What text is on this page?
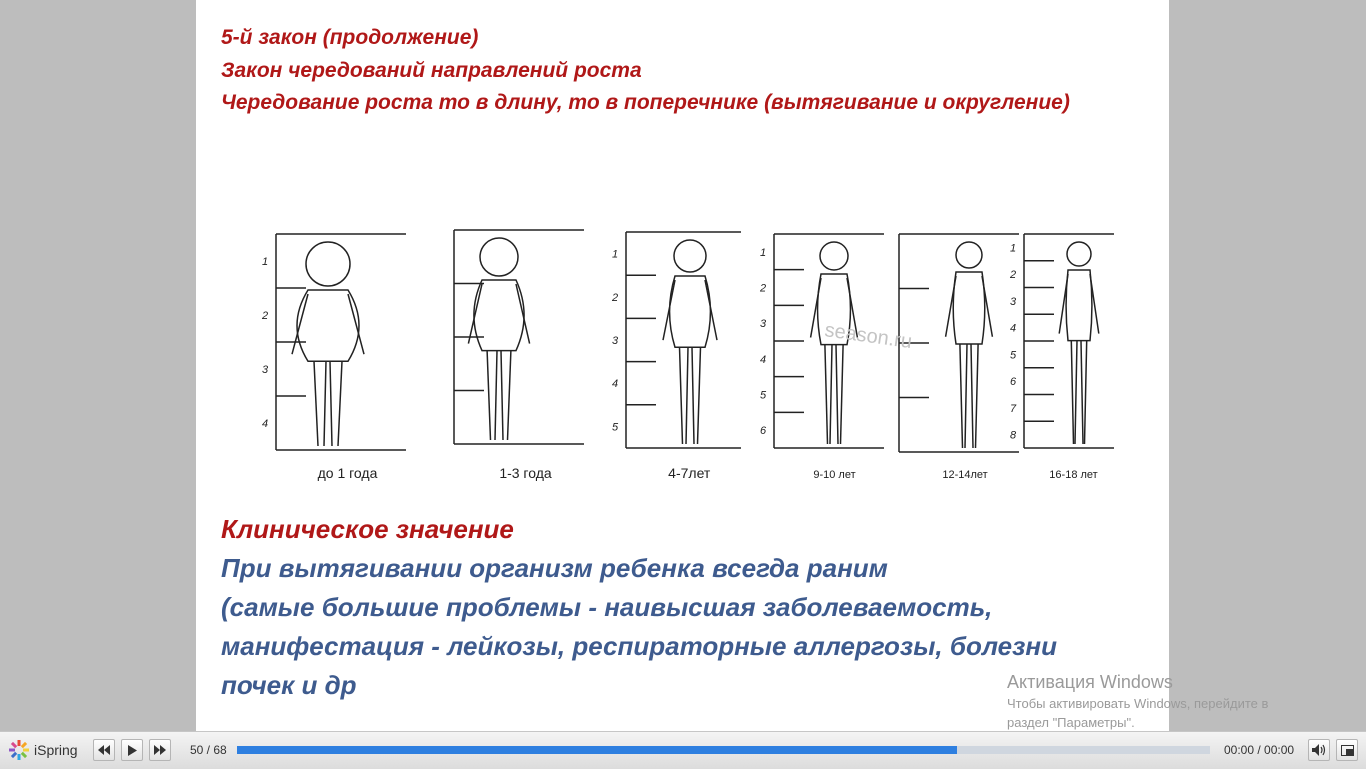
5-й закон (продолжение)
Закон чередований направлений роста
Чередование роста то в длину, то в поперечнике (вытягивание и округление)
1
2
3
4
до 1 года	1-3 года
1
2
3
4
5
4-7лет
1
2
3
4
5
6
9-10 лет	12-14лет
1
2
3
4
5
6
7
8
16-18 лет
season.ru
Клиническое значение
При вытягивании организм ребенка всегда раним
(самые большие проблемы - наивысшая заболеваемость,
манифестация - лейкозы, респираторные аллергозы, болезни
почек и др	Активация Windows
Чтобы активировать Windows, перейдите в
раздел "Параметры".
iSpring	50 / 68	00:00 / 00:00
